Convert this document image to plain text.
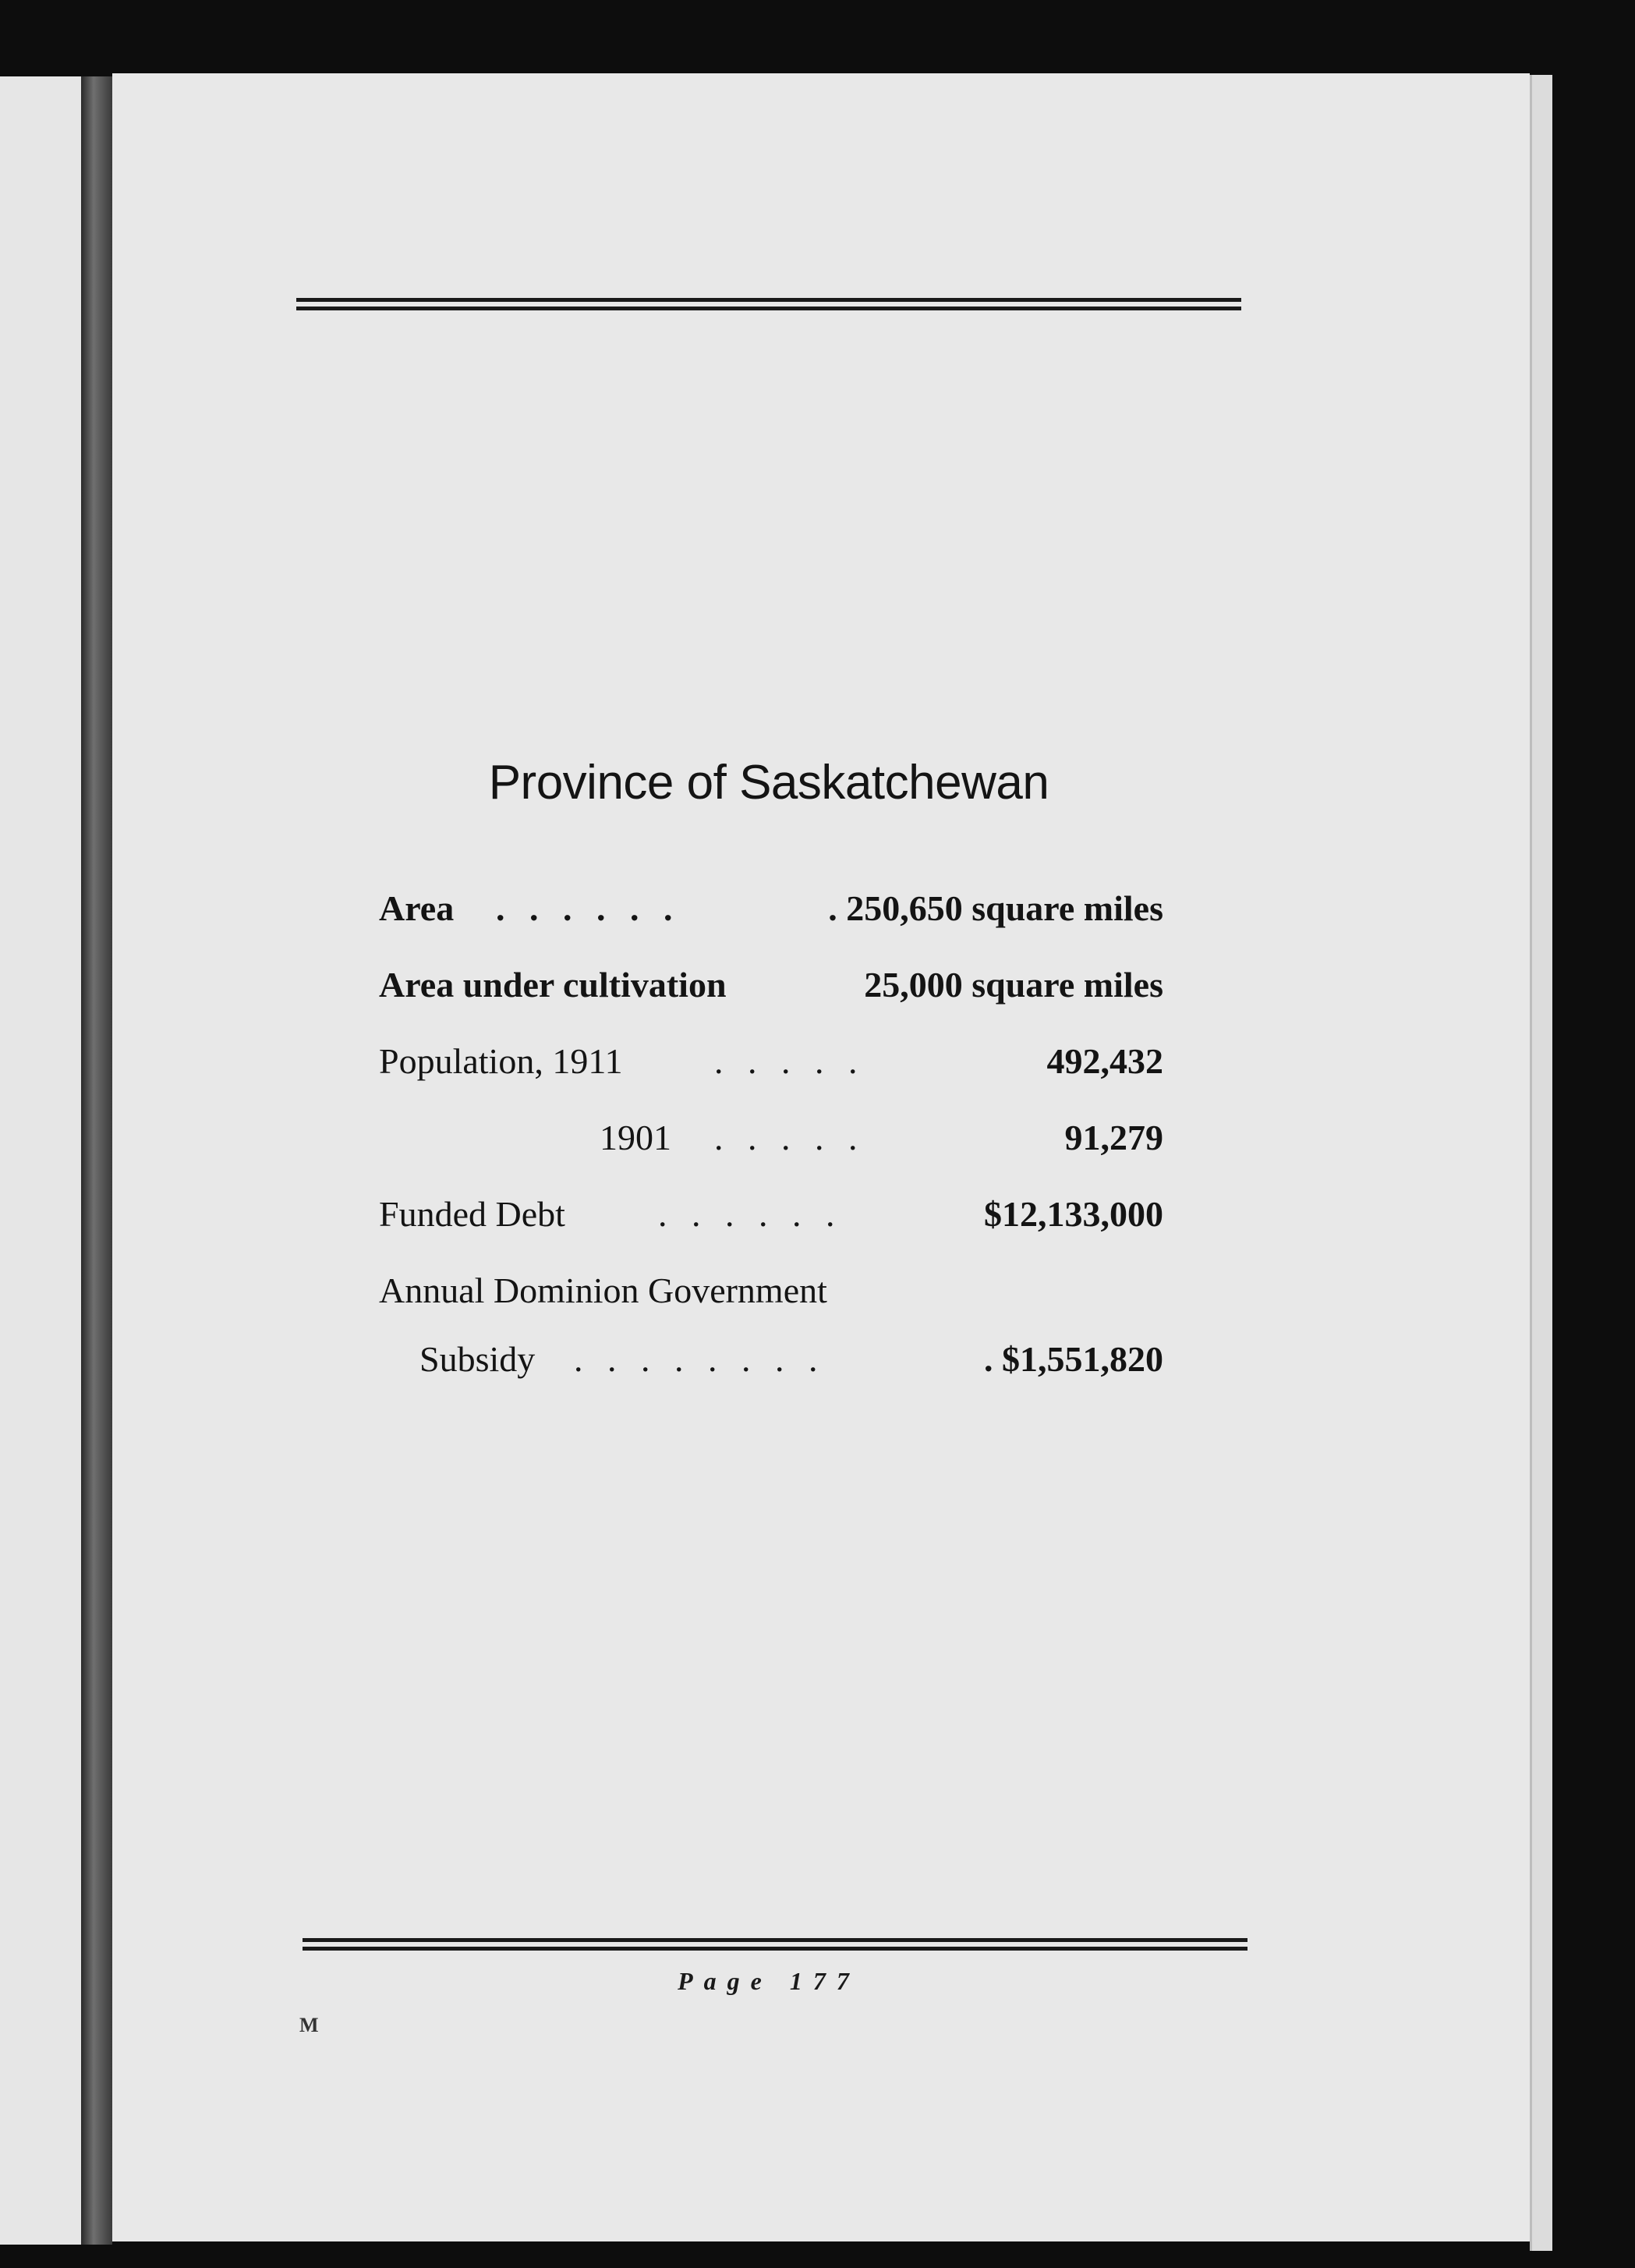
Province of Saskatchewan
Area . . . . . .	. 250,650 square miles
Area under cultivation	25,000 square miles
Population, 1911	. . . . .	492,432
1901 . . . . .	91,279
Funded Debt	. . . . . .	$12,133,000
Annual Dominion Government
Subsidy . . . . . . . .	. $1,551,820
Page 177
M
